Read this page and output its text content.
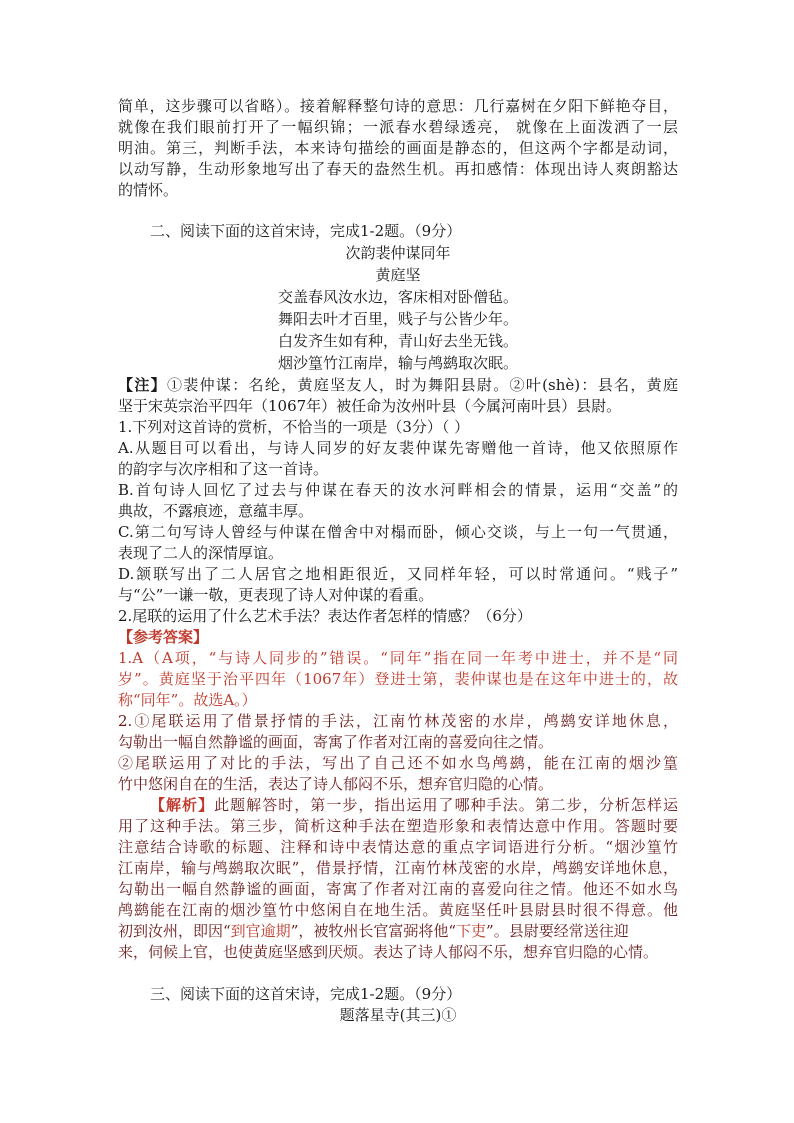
简单，这步骤可以省略）。接着解释整句诗的意思：几行嘉树在夕阳下鲜艳夺目，
就像在我们眼前打开了一幅织锦；一派春水碧绿透亮， 就像在上面泼洒了一层
明油。第三，判断手法，本来诗句描绘的画面是静态的，但这两个字都是动词，
以动写静，生动形象地写出了春天的盎然生机。再扣感情：体现出诗人爽朗豁达
的情怀。
二、阅读下面的这首宋诗，完成1-2题。（9分）
次韵裴仲谋同年
黄庭坚
交盖春风汝水边，客床相对卧僧毡。
舞阳去叶才百里，贱子与公皆少年。
白发齐生如有种，青山好去坐无钱。
烟沙篁竹江南岸，输与鸬鹚取次眠。
【注】①裴仲谋：名纶，黄庭坚友人，时为舞阳县尉。②叶(shè)：县名，黄庭
坚于宋英宗治平四年（1067年）被任命为汝州叶县（今属河南叶县）县尉。
1.下列对这首诗的赏析，不恰当的一项是（3分）（ ）
A.从题目可以看出，与诗人同岁的好友裴仲谋先寄赠他一首诗，他又依照原作
的韵字与次序相和了这一首诗。
B.首句诗人回忆了过去与仲谋在春天的汝水河畔相会的情景，运用“交盖”的
典故，不露痕迹，意蕴丰厚。
C.第二句写诗人曾经与仲谋在僧舍中对榻而卧，倾心交谈，与上一句一气贯通，
表现了二人的深情厚谊。
D.颔联写出了二人居官之地相距很近，又同样年轻，可以时常通问。“贱子”
与“公”一谦一敬，更表现了诗人对仲谋的看重。
2.尾联的运用了什么艺术手法？表达作者怎样的情感？（6分）
【参考答案】
1.A（A项，“与诗人同步的”错误。“同年”指在同一年考中进士，并不是“同
岁”。黄庭坚于治平四年（1067年）登进士第，裴仲谋也是在这年中进士的，故
称“同年”。故选A。）
2.①尾联运用了借景抒情的手法，江南竹林茂密的水岸，鸬鹚安详地休息，
勾勒出一幅自然静谧的画面，寄寓了作者对江南的喜爱向往之情。
②尾联运用了对比的手法，写出了自己还不如水鸟鸬鹚，能在江南的烟沙篁
竹中悠闲自在的生活，表达了诗人郁闷不乐，想弃官归隐的心情。
【解析】此题解答时，第一步，指出运用了哪种手法。第二步，分析怎样运
用了这种手法。第三步，简析这种手法在塑造形象和表情达意中作用。答题时要
注意结合诗歌的标题、注释和诗中表情达意的重点字词语进行分析。“烟沙篁竹
江南岸，输与鸬鹚取次眠”，借景抒情，江南竹林茂密的水岸，鸬鹚安详地休息，
勾勒出一幅自然静谧的画面，寄寓了作者对江南的喜爱向往之情。他还不如水鸟
鸬鹚能在江南的烟沙篁竹中悠闲自在地生活。黄庭坚任叶县尉县时很不得意。他
初到汝州，即因“到官逾期”，被牧州长官富弼将他“下吏”。县尉要经常送往迎
来，伺候上官，也使黄庭坚感到厌烦。表达了诗人郁闷不乐，想弃官归隐的心情。
三、阅读下面的这首宋诗，完成1-2题。（9分）
题落星寺(其三)①
